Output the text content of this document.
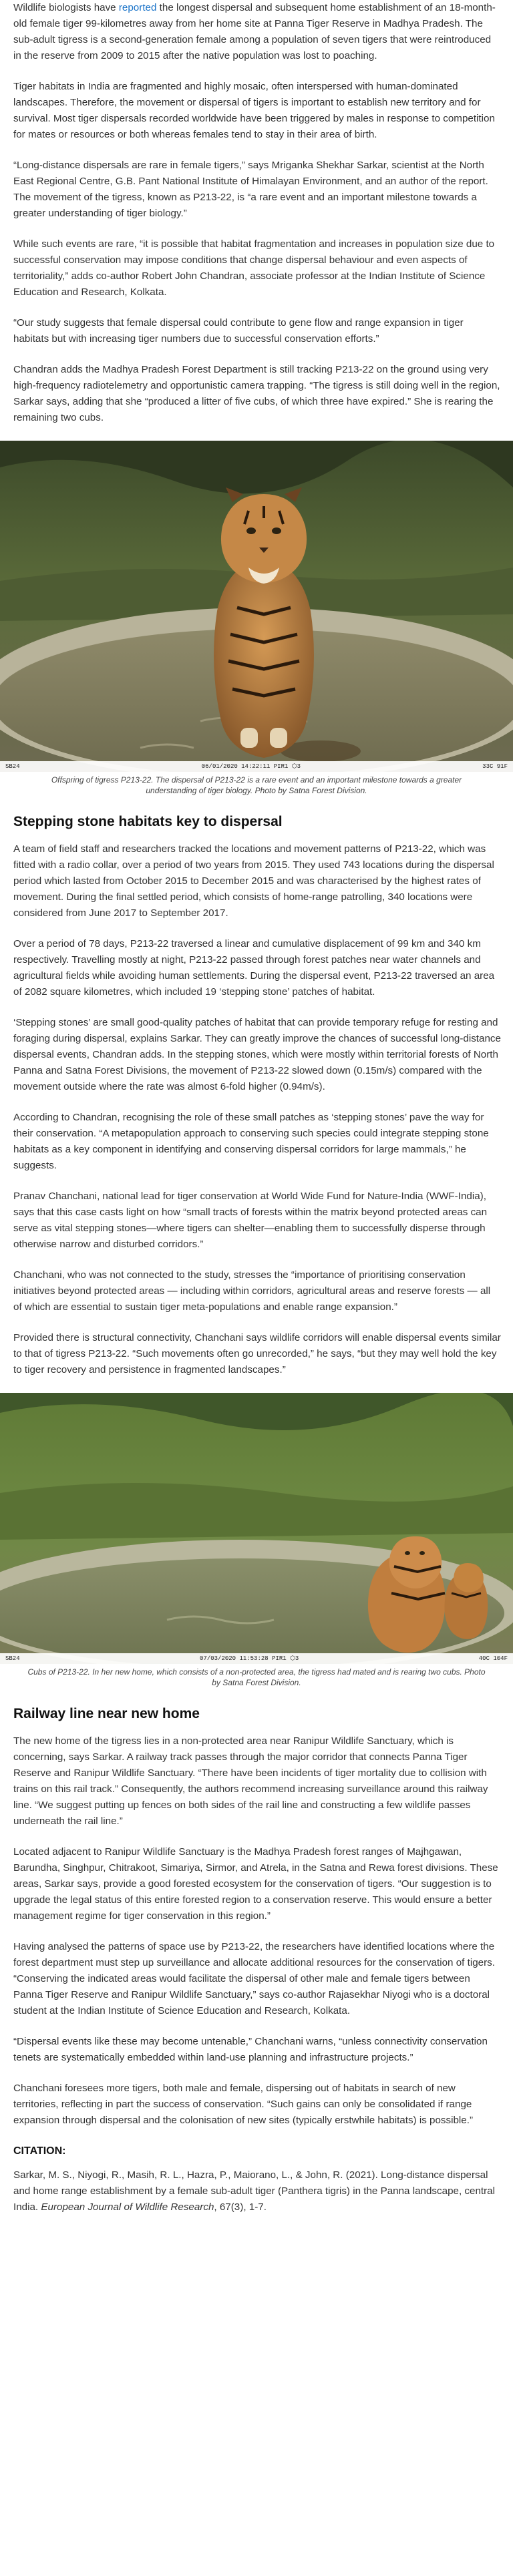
Wildlife biologists have reported the longest dispersal and subsequent home establishment of an 18-month-old female tiger 99-kilometres away from her home site at Panna Tiger Reserve in Madhya Pradesh. The sub-adult tigress is a second-generation female among a population of seven tigers that were reintroduced in the reserve from 2009 to 2015 after the native population was lost to poaching.

Tiger habitats in India are fragmented and highly mosaic, often interspersed with human-dominated landscapes. Therefore, the movement or dispersal of tigers is important to establish new territory and for survival. Most tiger dispersals recorded worldwide have been triggered by males in response to competition for mates or resources or both whereas females tend to stay in their area of birth.

“Long-distance dispersals are rare in female tigers,” says Mriganka Shekhar Sarkar, scientist at the North East Regional Centre, G.B. Pant National Institute of Himalayan Environment, and an author of the report. The movement of the tigress, known as P213-22, is “a rare event and an important milestone towards a greater understanding of tiger biology.”

While such events are rare, “it is possible that habitat fragmentation and increases in population size due to successful conservation may impose conditions that change dispersal behaviour and even aspects of territoriality,” adds co-author Robert John Chandran, associate professor at the Indian Institute of Science Education and Research, Kolkata.

“Our study suggests that female dispersal could contribute to gene flow and range expansion in tiger habitats but with increasing tiger numbers due to successful conservation efforts.”

Chandran adds the Madhya Pradesh Forest Department is still tracking P213-22 on the ground using very high-frequency radiotelemetry and opportunistic camera trapping. “The tigress is still doing well in the region, Sarkar says, adding that she “produced a litter of five cubs, of which three have expired.” She is rearing the remaining two cubs.

SB24	06/01/2020 14:22:11 PIR1 ⬡3	33C 91F
Offspring of tigress P213-22. The dispersal of P213-22 is a rare event and an important milestone towards a greater understanding of tiger biology. Photo by Satna Forest Division.
Stepping stone habitats key to dispersal

A team of field staff and researchers tracked the locations and movement patterns of P213-22, which was fitted with a radio collar, over a period of two years from 2015. They used 743 locations during the dispersal period which lasted from October 2015 to December 2015 and was characterised by the highest rates of movement. During the final settled period, which consists of home-range patrolling, 340 locations were considered from June 2017 to September 2017.

Over a period of 78 days, P213-22 traversed a linear and cumulative displacement of 99 km and 340 km respectively. Travelling mostly at night, P213-22 passed through forest patches near water channels and agricultural fields while avoiding human settlements. During the dispersal event, P213-22 traversed an area of 2082 square kilometres, which included 19 ‘stepping stone’ patches of habitat.

‘Stepping stones’ are small good-quality patches of habitat that can provide temporary refuge for resting and foraging during dispersal, explains Sarkar. They can greatly improve the chances of successful long-distance dispersal events, Chandran adds. In the stepping stones, which were mostly within territorial forests of North Panna and Satna Forest Divisions, the movement of P213-22 slowed down (0.15m/s) compared with the movement outside where the rate was almost 6-fold higher (0.94m/s).

According to Chandran, recognising the role of these small patches as ‘stepping stones’ pave the way for their conservation. “A metapopulation approach to conserving such species could integrate stepping stone habitats as a key component in identifying and conserving dispersal corridors for large mammals,” he suggests.

Pranav Chanchani, national lead for tiger conservation at World Wide Fund for Nature-India (WWF-India), says that this case casts light on how “small tracts of forests within the matrix beyond protected areas can serve as vital stepping stones—where tigers can shelter—enabling them to successfully disperse through otherwise narrow and disturbed corridors.”

Chanchani, who was not connected to the study, stresses the “importance of prioritising conservation initiatives beyond protected areas — including within corridors, agricultural areas and reserve forests — all of which are essential to sustain tiger meta-populations and enable range expansion.”

Provided there is structural connectivity, Chanchani says wildlife corridors will enable dispersal events similar to that of tigress P213-22. “Such movements often go unrecorded,” he says, “but they may well hold the key to tiger recovery and persistence in fragmented landscapes.”

SB24	07/03/2020 11:53:28 PIR1 ⬡3	40C 104F
Cubs of P213-22. In her new home, which consists of a non-protected area, the tigress had mated and is rearing two cubs. Photo by Satna Forest Division.
Railway line near new home

The new home of the tigress lies in a non-protected area near Ranipur Wildlife Sanctuary, which is concerning, says Sarkar. A railway track passes through the major corridor that connects Panna Tiger Reserve and Ranipur Wildlife Sanctuary. “There have been incidents of tiger mortality due to collision with trains on this rail track.” Consequently, the authors recommend increasing surveillance around this railway line. “We suggest putting up fences on both sides of the rail line and constructing a few wildlife passes underneath the rail line.”

Located adjacent to Ranipur Wildlife Sanctuary is the Madhya Pradesh forest ranges of Majhgawan, Barundha, Singhpur, Chitrakoot, Simariya, Sirmor, and Atrela, in the Satna and Rewa forest divisions. These areas, Sarkar says, provide a good forested ecosystem for the conservation of tigers. “Our suggestion is to upgrade the legal status of this entire forested region to a conservation reserve. This would ensure a better management regime for tiger conservation in this region.”

Having analysed the patterns of space use by P213-22, the researchers have identified locations where the forest department must step up surveillance and allocate additional resources for the conservation of tigers. “Conserving the indicated areas would facilitate the dispersal of other male and female tigers between Panna Tiger Reserve and Ranipur Wildlife Sanctuary,” says co-author Rajasekhar Niyogi who is a doctoral student at the Indian Institute of Science Education and Research, Kolkata.

“Dispersal events like these may become untenable,” Chanchani warns, “unless connectivity conservation tenets are systematically embedded within land-use planning and infrastructure projects.”

Chanchani foresees more tigers, both male and female, dispersing out of habitats in search of new territories, reflecting in part the success of conservation. “Such gains can only be consolidated if range expansion through dispersal and the colonisation of new sites (typically erstwhile habitats) is possible.”

CITATION:

Sarkar, M. S., Niyogi, R., Masih, R. L., Hazra, P., Maiorano, L., & John, R. (2021). Long-distance dispersal and home range establishment by a female sub-adult tiger (Panthera tigris) in the Panna landscape, central India. European Journal of Wildlife Research, 67(3), 1-7.
